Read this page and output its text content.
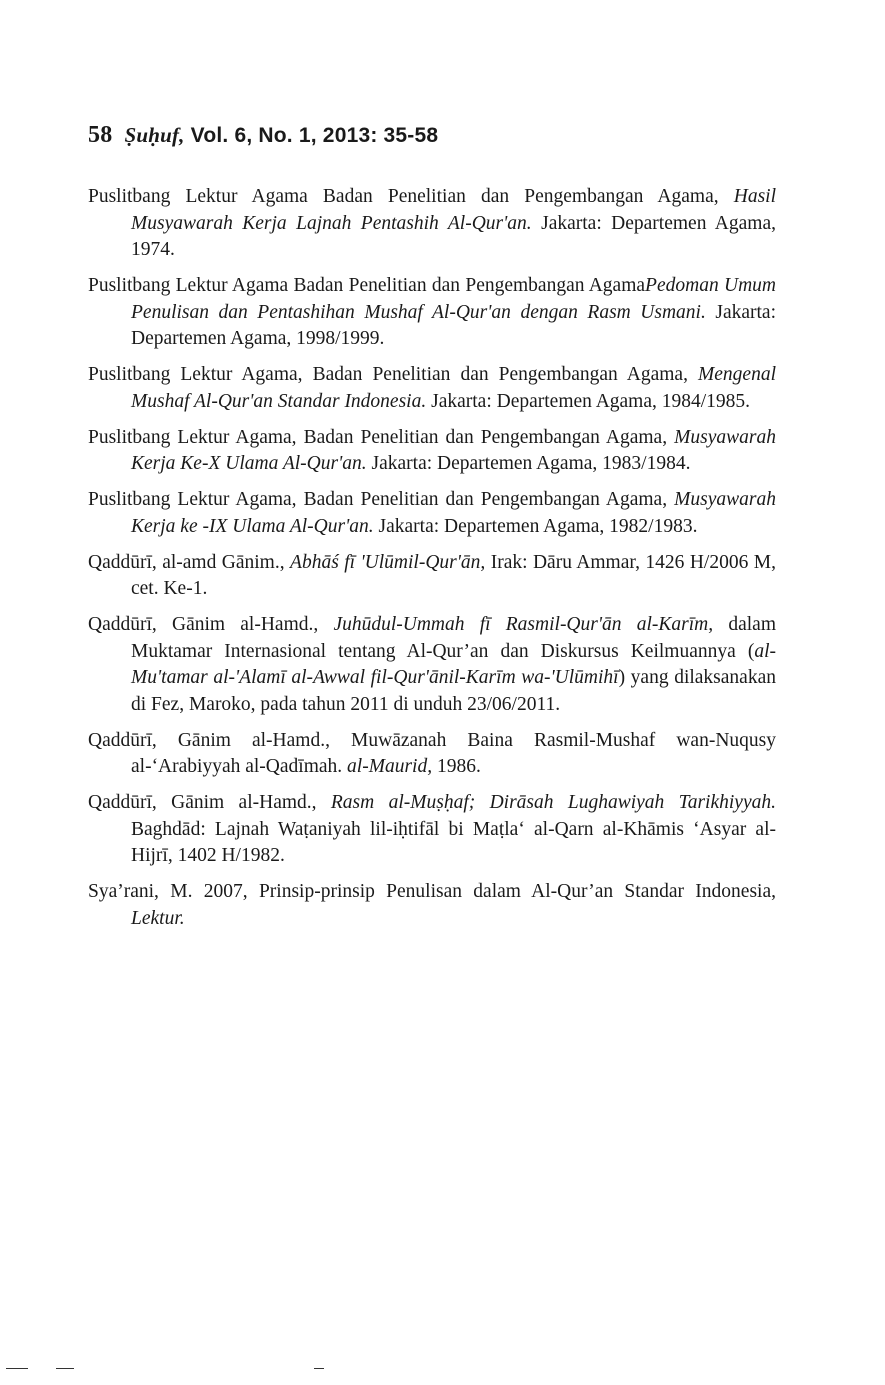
58 Ṣuḥuf, Vol. 6, No. 1, 2013: 35-58

Puslitbang Lektur Agama Badan Penelitian dan Pengembangan Agama, Hasil Musyawarah Kerja Lajnah Pentashih Al-Qur'an. Jakarta: Departemen Agama, 1974.

Puslitbang Lektur Agama Badan Penelitian dan Pengembangan AgamaPedoman Umum Penulisan dan Pentashihan Mushaf Al-Qur'an dengan Rasm Usmani. Jakarta: Departemen Agama, 1998/1999.

Puslitbang Lektur Agama, Badan Penelitian dan Pengembangan Agama, Mengenal Mushaf Al-Qur'an Standar Indonesia. Jakarta: Departemen Agama, 1984/1985.

Puslitbang Lektur Agama, Badan Penelitian dan Pengembangan Agama, Musyawarah Kerja Ke-X Ulama Al-Qur'an. Jakarta: Departemen Agama, 1983/1984.

Puslitbang Lektur Agama, Badan Penelitian dan Pengembangan Agama, Musyawarah Kerja ke -IX Ulama Al-Qur'an. Jakarta: Departemen Agama, 1982/1983.

Qaddūrī, al-amd Gānim., Abhāś fī 'Ulūmil-Qur'ān, Irak: Dāru Ammar, 1426 H/2006 M, cet. Ke-1.

Qaddūrī, Gānim al-Hamd., Juhūdul-Ummah fī Rasmil-Qur'ān al-Karīm, dalam Muktamar Internasional tentang Al-Qur’an dan Diskursus Keilmuannya (al-Mu'tamar al-'Alamī al-Awwal fil-Qur'ānil-Karīm wa-'Ulūmihī) yang dilaksanakan di Fez, Maroko, pada tahun 2011 di unduh 23/06/2011.

Qaddūrī, Gānim al-Hamd., Muwāzanah Baina Rasmil-Mushaf wan-Nuqusy al-‘Arabiyyah al-Qadīmah. al-Maurid, 1986.

Qaddūrī, Gānim al-Hamd., Rasm al-Muṣḥaf; Dirāsah Lughawiyah Tarikhiyyah. Baghdād: Lajnah Waṭaniyah lil-iḥtifāl bi Maṭla‘ al-Qarn al-Khāmis ‘Asyar al-Hijrī, 1402 H/1982.

Sya’rani, M. 2007, Prinsip-prinsip Penulisan dalam Al-Qur’an Standar Indonesia, Lektur.
